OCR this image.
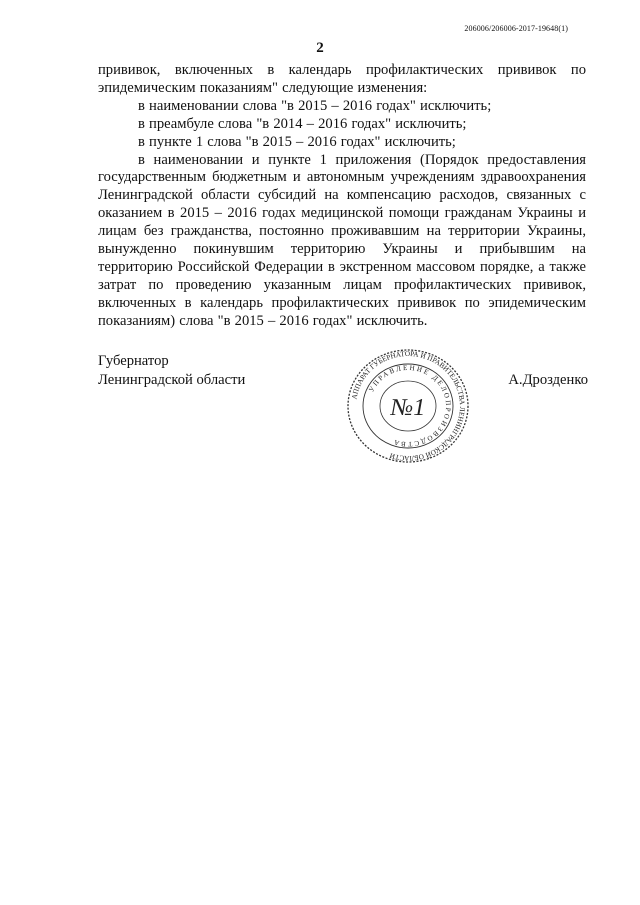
206006/206006-2017-19648(1)
2

прививок, включенных в календарь профилактических прививок по эпидемическим показаниям" следующие изменения:

в наименовании слова "в 2015 – 2016 годах" исключить;

в преамбуле слова "в 2014 – 2016 годах" исключить;

в пункте 1 слова "в 2015 – 2016 годах" исключить;

в наименовании и пункте 1 приложения (Порядок предоставления государственным бюджетным и автономным учреждениям здравоохранения Ленинградской области субсидий на компенсацию расходов, связанных с оказанием в 2015 – 2016 годах медицинской помощи гражданам Украины и лицам без гражданства, постоянно проживавшим на территории Украины, вынужденно покинувшим территорию Украины и прибывшим на территорию Российской Федерации в экстренном массовом порядке, а также затрат по проведению указанным лицам профилактических прививок, включенных в календарь профилактических прививок по эпидемическим показаниям) слова "в 2015 – 2016 годах" исключить.

Губернатор
Ленинградской области
АППАРАТ ГУБЕРНАТОРА И ПРАВИТЕЛЬСТВА ЛЕНИНГРАДСКОЙ ОБЛАСТИ
УПРАВЛЕНИЕ ДЕЛОПРОИЗВОДСТВА
№1
А.Дрозденко
